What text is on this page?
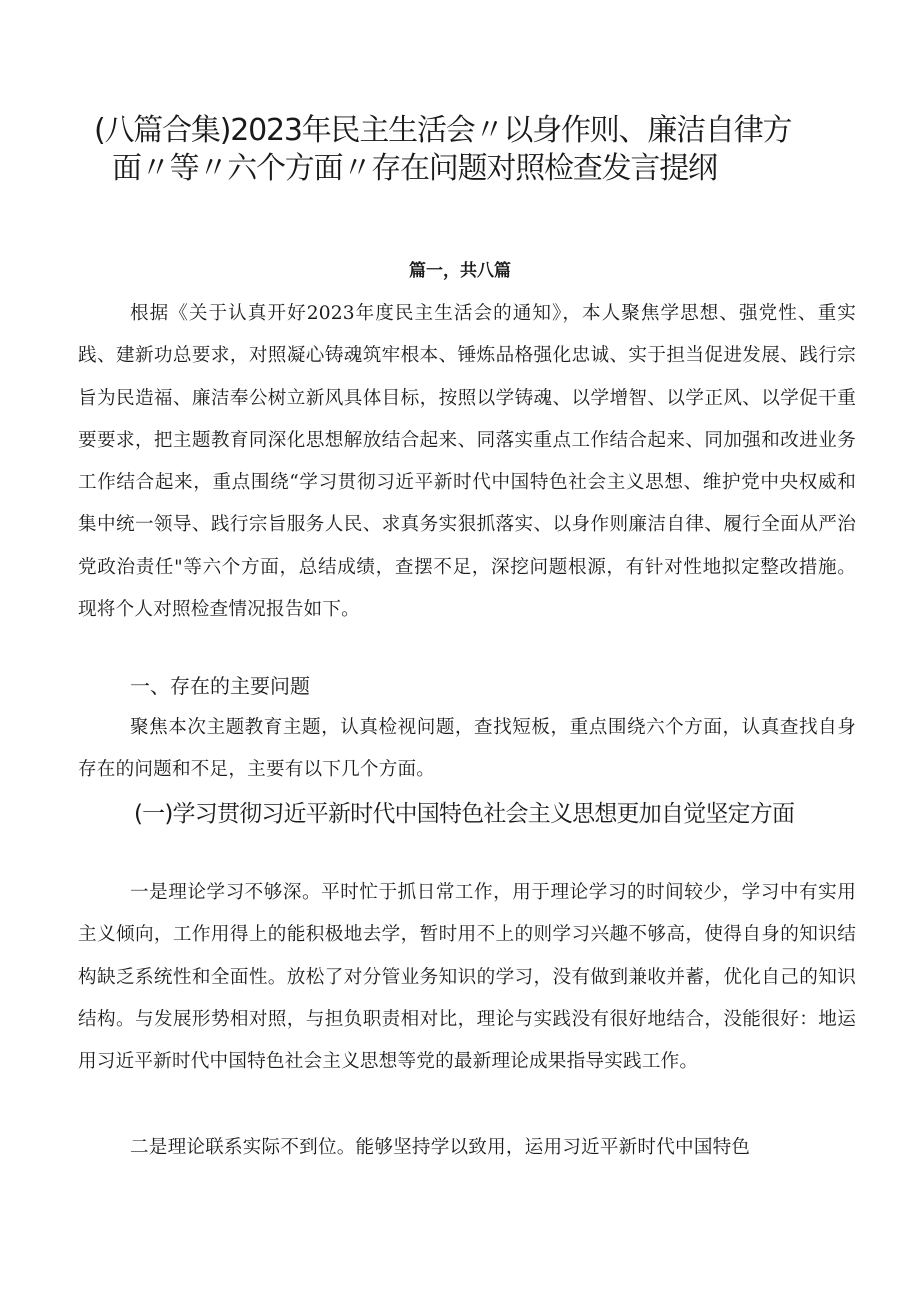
(八篇合集)2023年民主生活会〃以身作则、廉洁自律方
面〃等〃六个方面〃存在问题对照检查发言提纲

篇一，共八篇

根据《关于认真开好2023年度民主生活会的通知》，本人聚焦学思想、强党性、重实践、建新功总要求，对照凝心铸魂筑牢根本、锤炼品格强化忠诚、实于担当促进发展、践行宗旨为民造福、廉洁奉公树立新风具体目标，按照以学铸魂、以学增智、以学正风、以学促干重要要求，把主题教育同深化思想解放结合起来、同落实重点工作结合起来、同加强和改进业务工作结合起来，重点围绕“学习贯彻习近平新时代中国特色社会主义思想、维护党中央权威和集中统一领导、践行宗旨服务人民、求真务实狠抓落实、以身作则廉洁自律、履行全面从严治党政治责任"等六个方面，总结成绩，查摆不足，深挖问题根源，有针对性地拟定整改措施。现将个人对照检查情况报告如下。

一、存在的主要问题

聚焦本次主题教育主题，认真检视问题，查找短板，重点围绕六个方面，认真查找自身存在的问题和不足，主要有以下几个方面。

(一)学习贯彻习近平新时代中国特色社会主义思想更加自觉坚定方面

一是理论学习不够深。平时忙于抓日常工作，用于理论学习的时间较少，学习中有实用主义倾向，工作用得上的能积极地去学，暂时用不上的则学习兴趣不够高，使得自身的知识结构缺乏系统性和全面性。放松了对分管业务知识的学习，没有做到兼收并蓄，优化自己的知识结构。与发展形势相对照，与担负职责相对比，理论与实践没有很好地结合，没能很好：地运用习近平新时代中国特色社会主义思想等党的最新理论成果指导实践工作。

二是理论联系实际不到位。能够坚持学以致用，运用习近平新时代中国特色
